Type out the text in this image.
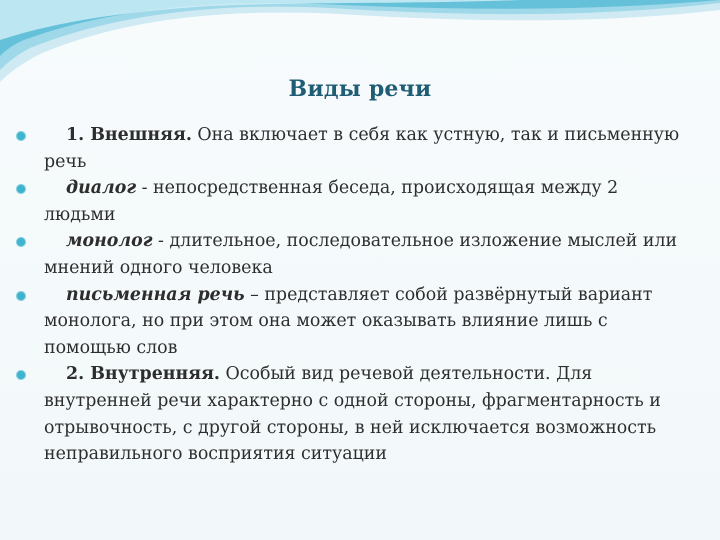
Виды речи

1. Внешняя. Она включает в себя как устную, так и письменную речь

диалог - непосредственная беседа, происходящая между 2 людьми

монолог - длительное, последовательное изложение мыслей или мнений одного человека

письменная речь – представляет собой развёрнутый вариант монолога, но при этом она может оказывать влияние лишь с помощью слов

2. Внутренняя. Особый вид речевой деятельности. Для внутренней речи характерно с одной стороны, фрагментарность и отрывочность, с другой стороны, в ней исключается возможность неправильного восприятия ситуации
